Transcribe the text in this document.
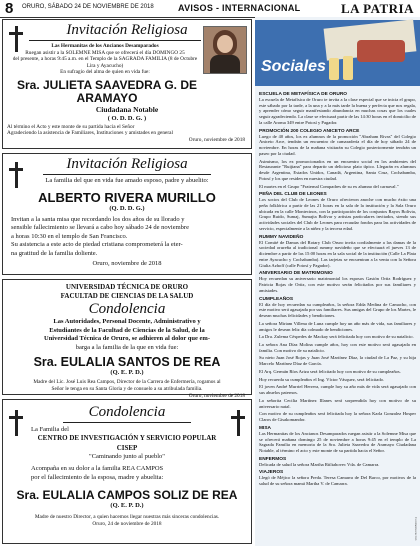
8 ORURO, SÁBADO 24 DE NOVIEMBRE DE 2018	AVISOS - INTERNACIONAL	LA PATRIA
Invitación Religiosa
Las Hermanitas de los Ancianos Desamparados
Ruegan asistir a la SOLEMNE MISA que se ofrecerá el día DOMINGO 25
del presente, a horas 9:45 a.m. en el Templo de la SAGRADA FAMILIA (8 de Octubre
Lira y Ayacucho)
En sufragio del alma de quien en vida fue:
Sra. JULIETA SAAVEDRA G. DE ARAMAYO
Ciudadana Notable
( O. D. D. G. )
Al término el Acto y este monte de su partida hacia el Señor
Agradeciendo la asistencia de Familiares, Instituciones y amistades en general
Oruro, noviembre de 2018
Invitación Religiosa
La familia del que en vida fue amado esposo, padre y abuelito:
ALBERTO RIVERA MURILLO
(Q. D. D. G.)
Invitan a la santa misa que recordando los dos años de su llorado y
sensible fallecimiento se llevará a cabo hoy sábado 24 de noviembre
a horas 10:30 en el templo de San Francisco.
Su asistencia a este acto de piedad cristiana comprometerá la eter-
na gratitud de la familia doliente.
Oruro, noviembre de 2018
UNIVERSIDAD TÉCNICA DE ORURO
FACULTAD DE CIENCIAS DE LA SALUD
Condolencia
Las Autoridades, Personal Docente, Administrativo y
Estudiantes de la Facultad de Ciencias de la Salud, de la
Universidad Técnica de Oruro, se adhieren al dolor que em-
barga a la familia de la que en vida fue:
Sra. EULALIA SANTOS DE REA
(Q. E. P. D.)
Madre del Lic. José Luis Rea Campos, Director de la Carrera de Enfermería, rogamos al
Señor le tenga en su Santa Gloria y de consuelo a su atribulada familia.
Oruro, noviembre de 2018
Condolencia
La Familia del
CENTRO DE INVESTIGACIÓN Y SERVICIO POPULAR
CISEP
"Caminando junto al pueblo"
Acompaña en su dolor a la familia REA CAMPOS
por el fallecimiento de la esposa, madre y abuelita:
Sra. EULALIA CAMPOS SOLIZ DE REA
(Q. E. P. D.)
Madre de nuestro Director, a quien hacemos llegar nuestras más sinceras condolencias.
Oruro, 24 de noviembre de 2018
Sociales
ESCUELA DE METAFÍSICA DE ORURO

La escuela de Metafísica de Oruro te invita a la clase especial que se inicia el grupo, este sábado por la tarde, a la una y a la más tarde la buena y perfecta que nos regala, y aprender cómo seguir manifestando abundancia en muchas cosas que los cuales seguir agradeciendo. La clase se efectuará partir de las 14:30 horas en el domicilio de la calle Aroma 349 entre Potosí y Pagador.

PROMOCIÓN 200 COLEGIO ANICETO ARCE

Luego de 40 años, los ex alumnos de la promoción "Abraham Rivas" del Colegio Aniceto Arce, tendrán un encuentro de camaradería el día de hoy sábado 24 de noviembre. En horas de la mañana visitarán su Colegio posteriormente tendrán un paseo por la ciudad.

Asimismo, los ex promocionados en un encuentro social en los ambientes del Restaurante "Ruijiana" para departir un delicioso plato típico. Llegarán ex alumnos desde Argentina, Estados Unidos, Canadá, Argentina, Santa Cruz, Cochabamba, Potosí y los que residen en nuestra ciudad.

El martes en el Grupo "Fraternal Compadres de su ex alumno del carnaval."

PEÑA DEL CLUB DE LEONES

Los socios del Club de Leones de Oruro ofrecieron anoche con mucho éxito una peña folklórica a partir de las 21 horas en la sala de la institución y la Sala Oruro ubicada en la calle Montecinos, con la participación de los conjuntos Rayos Bolivia, Grupo Ruido, Sumaj, Sumajta Bolívar y artistas particulares invitados, siendo sus actividades sociales del Club de Leones para recaudar fondos para las actividades de servicio, especialmente a la niñez y la tercera edad.

RUMMY NAVIDEÑO

El Comité de Damas del Rotary Club Oruro invita cordialmente a las damas de la sociedad orureña al tradicional rummy navideño que se efectuará el jueves 13 de diciembre a partir de las 15:00 horas en la sala social de la institución (Calle La Plata entre Ayacucho y Cochabamba). Las tarjetas se encuentran a la venta con la Señora Giulia Azhoff (calle Potosí y Pagador).

ANIVERSARIO DE MATRIMONIO

Hoy recuerdan su aniversario matrimonial los esposos Gastón Ortiz Rodríguez y Patricia Rojas de Ortiz, con este motivo serán felicitados por sus familiares y amistades.

CUMPLEAÑOS

El día de hoy recuerdan su cumpleaños, la señora Edda Medina de Camacho, con este motivo será agasajada por sus familiares. Sus amigas del Grupo de los Martes, le desean muchas felicidades y bendiciones.

La señora Miriam Villena de Luna cumple hoy un año más de vida, sus familiares y amigos le desean feliz día colmado de bendiciones.

La Dra. Zulema Céspedes de Mackay será felicitada hoy con motivo de su natalicio.

La señora Ana Díaz Molina cumple años, hoy con este motivo será agasajada en familia. Con motivo de su natalicio.

Su nieto Juan José Rojas y Juan José Martínez Díaz, la ciudad de La Paz, y su hija Marcelo Martínez Díaz de García.

El Arq. Germán Ríos Ariza será felicitado hoy con motivo de su cumpleaños.

Hoy recuerda su cumpleaños el Ing. Víctor Vásquez, será felicitado.

El joven André Murriel Herrera, cumple hoy su año más de vida será agasajado con sus abuelos paternos.

La señorita Cecilia Martínez Illanes será sorprendida hoy con motivo de su aniversario natal.

Con motivo de su cumpleaños será felicitada hoy la señora Karla Gonzalez Hosper Claros de Gisakomandor.

MISA

Las Hermanitas de los Ancianos Desamparados ruegan asistir a la Solemne Misa que se ofrecerá mañana domingo 25 de noviembre a horas 9:45 en el templo de La Sagrada Familia en memoria de la Sra. Julieta Saavedra de Aramayo Ciudadana Notable, al término el acto y este monte de su partida hacia el Señor.

ENFERMOS

Delicada de salud la señora Martha Riiltahovec Vda. de Camarra.

VIAJEROS

Llegó de Méjico la señora Preda. Teresa Camarra de Del Barco, por motivos de la salud de su señora mamá Martha V. de Camarra.

Conmemoración
